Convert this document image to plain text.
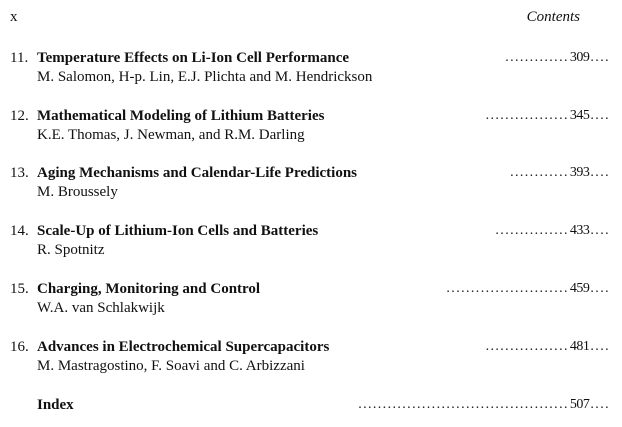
x	Contents
11. Temperature Effects on Li-Ion Cell Performance
M. Salomon, H-p. Lin, E.J. Plichta and M. Hendrickson
............. 309 ....
12. Mathematical Modeling of Lithium Batteries
K.E. Thomas, J. Newman, and R.M. Darling
................. 345 ....
13. Aging Mechanisms and Calendar-Life Predictions
M. Broussely
............ 393 ....
14. Scale-Up of Lithium-Ion Cells and Batteries
R. Spotnitz
............... 433 ....
15. Charging, Monitoring and Control
W.A. van Schlakwijk
......................... 459 ....
16. Advances in Electrochemical Supercapacitors
M. Mastragostino, F. Soavi and C. Arbizzani
................. 481 ....
Index	........................................... 507 ....
